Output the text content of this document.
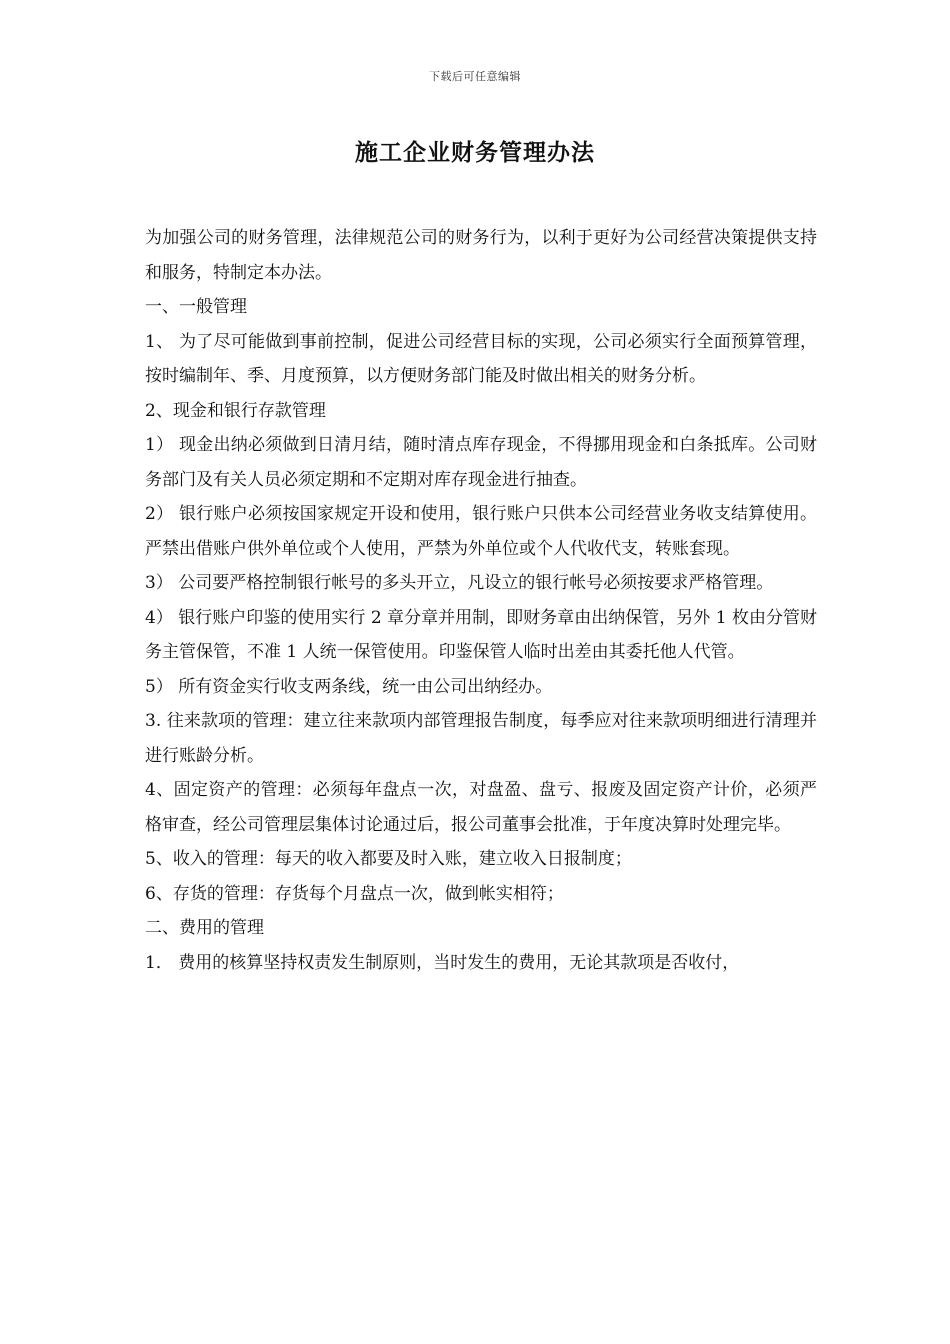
下载后可任意编辑
施工企业财务管理办法

为加强公司的财务管理，法律规范公司的财务行为，以利于更好为公司经营决策提供支持和服务，特制定本办法。

一、一般管理

1、 为了尽可能做到事前控制，促进公司经营目标的实现，公司必须实行全面预算管理，按时编制年、季、月度预算，以方便财务部门能及时做出相关的财务分析。

2、现金和银行存款管理

1） 现金出纳必须做到日清月结，随时清点库存现金，不得挪用现金和白条抵库。公司财务部门及有关人员必须定期和不定期对库存现金进行抽查。

2） 银行账户必须按国家规定开设和使用，银行账户只供本公司经营业务收支结算使用。严禁出借账户供外单位或个人使用，严禁为外单位或个人代收代支，转账套现。

3） 公司要严格控制银行帐号的多头开立，凡设立的银行帐号必须按要求严格管理。

4） 银行账户印鉴的使用实行 2 章分章并用制，即财务章由出纳保管，另外 1 枚由分管财务主管保管，不准 1 人统一保管使用。印鉴保管人临时出差由其委托他人代管。

5） 所有资金实行收支两条线，统一由公司出纳经办。

3. 往来款项的管理：建立往来款项内部管理报告制度，每季应对往来款项明细进行清理并进行账龄分析。

4、固定资产的管理：必须每年盘点一次，对盘盈、盘亏、报废及固定资产计价，必须严格审查，经公司管理层集体讨论通过后，报公司董事会批准，于年度决算时处理完毕。

5、收入的管理：每天的收入都要及时入账，建立收入日报制度；

6、存货的管理：存货每个月盘点一次，做到帐实相符；

二、费用的管理

1． 费用的核算坚持权责发生制原则，当时发生的费用，无论其款项是否收付，
